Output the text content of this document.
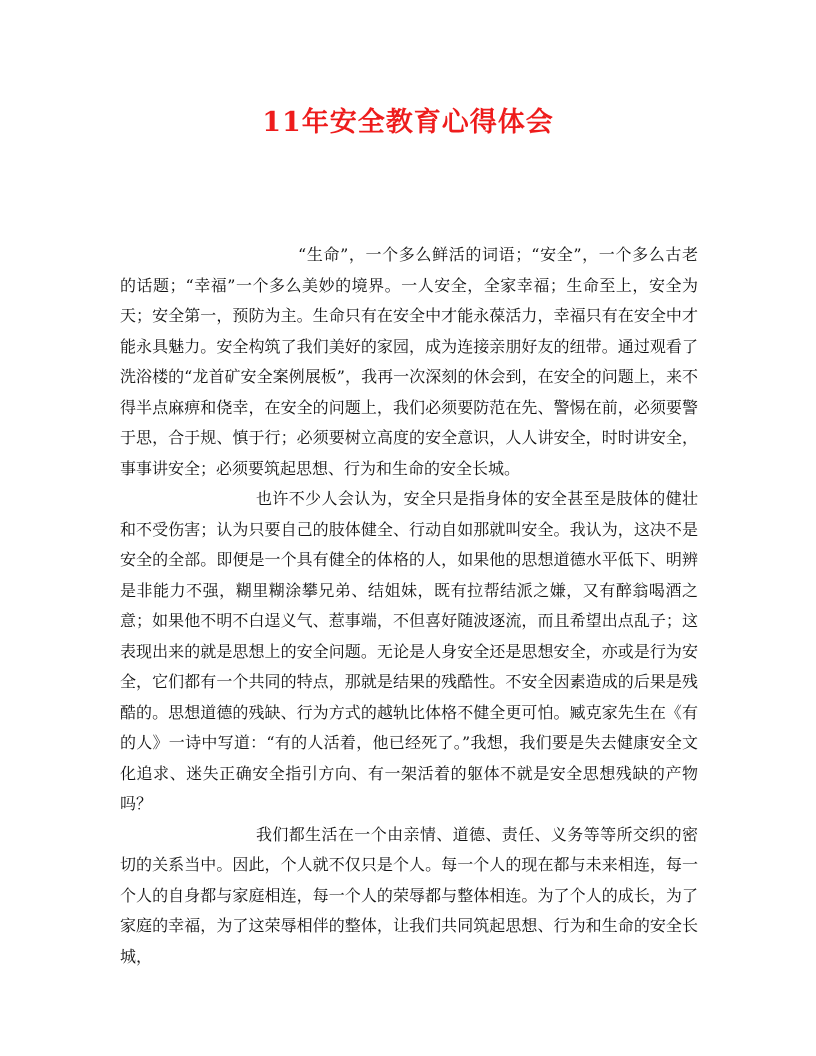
11年安全教育心得体会

“生命”，一个多么鲜活的词语；“安全”，一个多么古老的话题；“幸福”一个多么美妙的境界。一人安全，全家幸福；生命至上，安全为天；安全第一，预防为主。生命只有在安全中才能永葆活力，幸福只有在安全中才能永具魅力。安全构筑了我们美好的家园，成为连接亲朋好友的纽带。通过观看了洗浴楼的“龙首矿安全案例展板”，我再一次深刻的休会到，在安全的问题上，来不得半点麻痹和侥幸，在安全的问题上，我们必须要防范在先、警惕在前，必须要警于思，合于规、慎于行；必须要树立高度的安全意识，人人讲安全，时时讲安全，事事讲安全；必须要筑起思想、行为和生命的安全长城。

也许不少人会认为，安全只是指身体的安全甚至是肢体的健壮和不受伤害；认为只要自己的肢体健全、行动自如那就叫安全。我认为，这决不是安全的全部。即便是一个具有健全的体格的人，如果他的思想道德水平低下、明辨是非能力不强，糊里糊涂攀兄弟、结姐妹，既有拉帮结派之嫌，又有醉翁喝酒之意；如果他不明不白逞义气、惹事端，不但喜好随波逐流，而且希望出点乱子；这表现出来的就是思想上的安全问题。无论是人身安全还是思想安全，亦或是行为安全，它们都有一个共同的特点，那就是结果的残酷性。不安全因素造成的后果是残酷的。思想道德的残缺、行为方式的越轨比体格不健全更可怕。臧克家先生在《有的人》一诗中写道：“有的人活着，他已经死了。”我想，我们要是失去健康安全文化追求、迷失正确安全指引方向、有一架活着的躯体不就是安全思想残缺的产物吗？

我们都生活在一个由亲情、道德、责任、义务等等所交织的密切的关系当中。因此，个人就不仅只是个人。每一个人的现在都与未来相连，每一个人的自身都与家庭相连，每一个人的荣辱都与整体相连。为了个人的成长，为了家庭的幸福，为了这荣辱相伴的整体，让我们共同筑起思想、行为和生命的安全长城，
